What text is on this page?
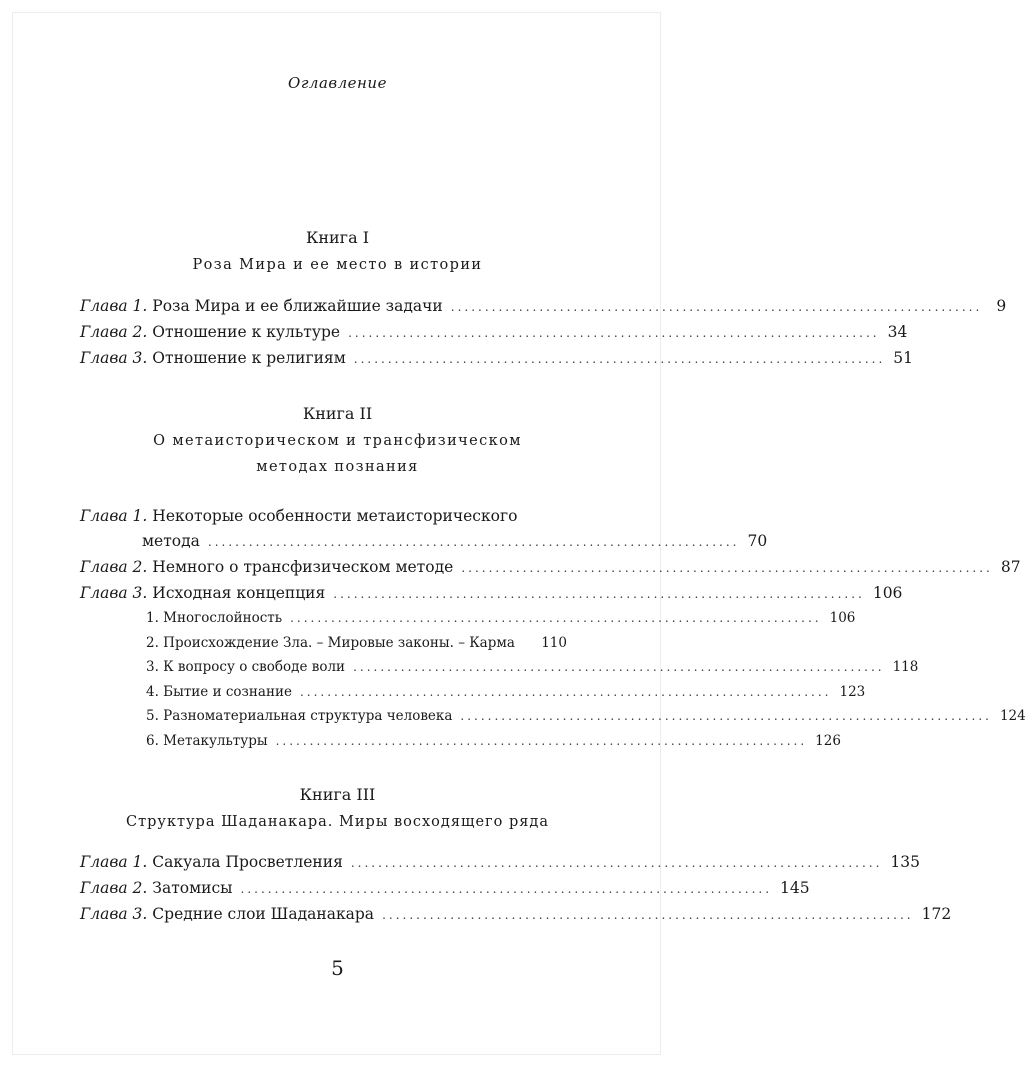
Оглавление
Книга I
Роза Мира и ее место в истории
Глава 1. Роза Мира и ее ближайшие задачи .............................................................................. 9
Глава 2. Отношение к культуре .............................................................................. 34
Глава 3. Отношение к религиям .............................................................................. 51
Книга II
О метаисторическом и трансфизическом
методах познания
Глава 1. Некоторые особенности метаисторического
метода .............................................................................. 70
Глава 2. Немного о трансфизическом методе .............................................................................. 87
Глава 3. Исходная концепция .............................................................................. 106
1. Многослойность .............................................................................. 106
2. Происхождение Зла. – Мировые законы. – Карма 110
3. К вопросу о свободе воли .............................................................................. 118
4. Бытие и сознание .............................................................................. 123
5. Разноматериальная структура человека .............................................................................. 124
6. Метакультуры .............................................................................. 126
Книга III
Структура Шаданакара. Миры восходящего ряда
Глава 1. Сакуала Просветления .............................................................................. 135
Глава 2. Затомисы .............................................................................. 145
Глава 3. Средние слои Шаданакара .............................................................................. 172
5
